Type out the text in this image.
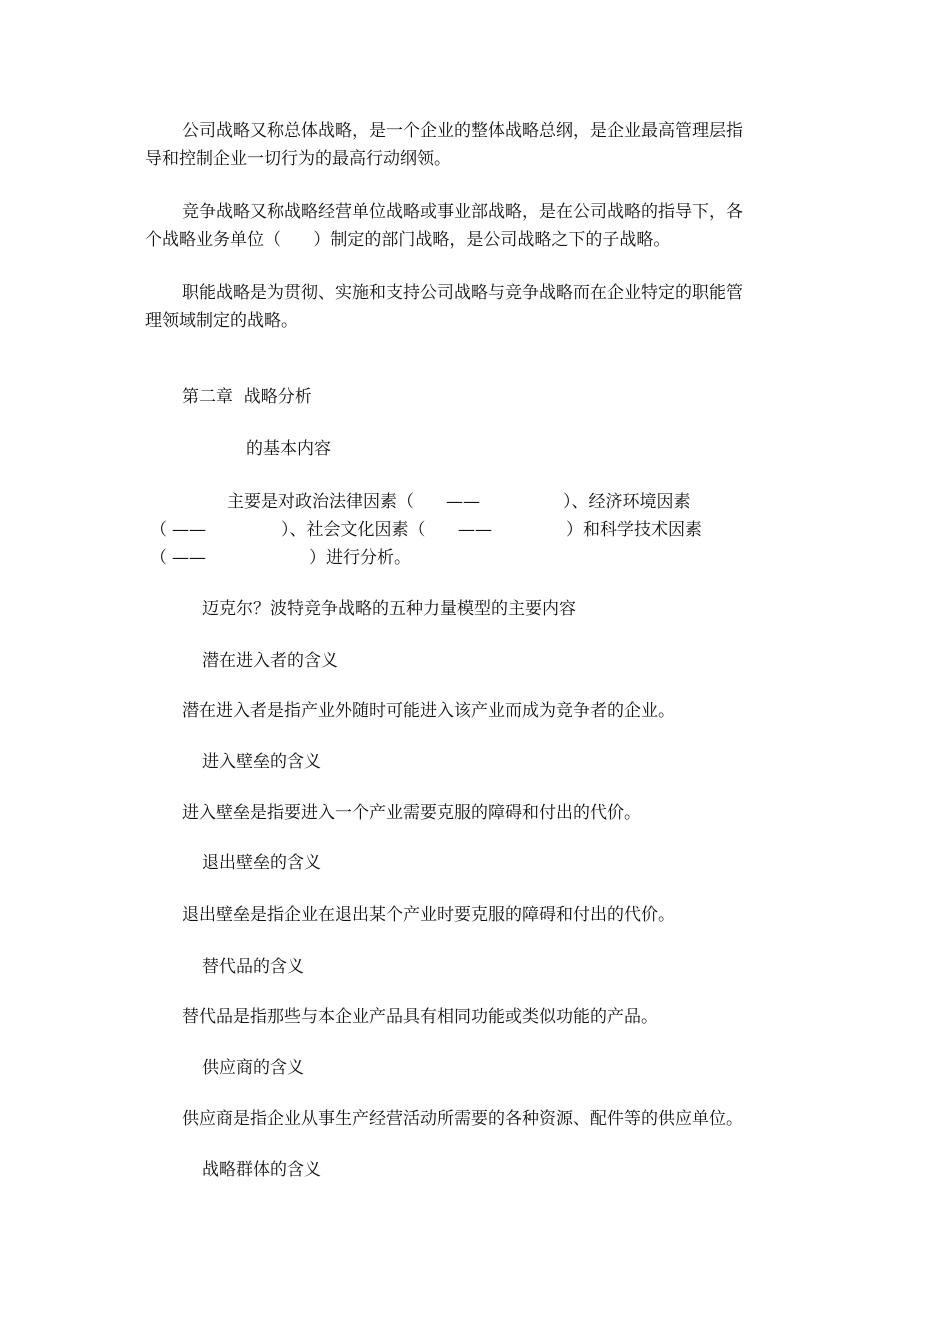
公司战略又称总体战略，是一个企业的整体战略总纲，是企业最高管理层指
导和控制企业一切行为的最高行动纲领。
竞争战略又称战略经营单位战略或事业部战略，是在公司战略的指导下，各
个战略业务单位（      ）制定的部门战略，是公司战略之下的子战略。
职能战略是为贯彻、实施和支持公司战略与竞争战略而在企业特定的职能管
理领域制定的战略。
第二章  战略分析
的基本内容
主要是对政治法律因素（ ——	）、经济环境因素
（ ——	）、社会文化因素（ ——	）和科学技术因素
（ ——	）进行分析。
迈克尔？波特竞争战略的五种力量模型的主要内容
潜在进入者的含义
潜在进入者是指产业外随时可能进入该产业而成为竞争者的企业。
进入壁垒的含义
进入壁垒是指要进入一个产业需要克服的障碍和付出的代价。
退出壁垒的含义
退出壁垒是指企业在退出某个产业时要克服的障碍和付出的代价。
替代品的含义
替代品是指那些与本企业产品具有相同功能或类似功能的产品。
供应商的含义
供应商是指企业从事生产经营活动所需要的各种资源、配件等的供应单位。
战略群体的含义
